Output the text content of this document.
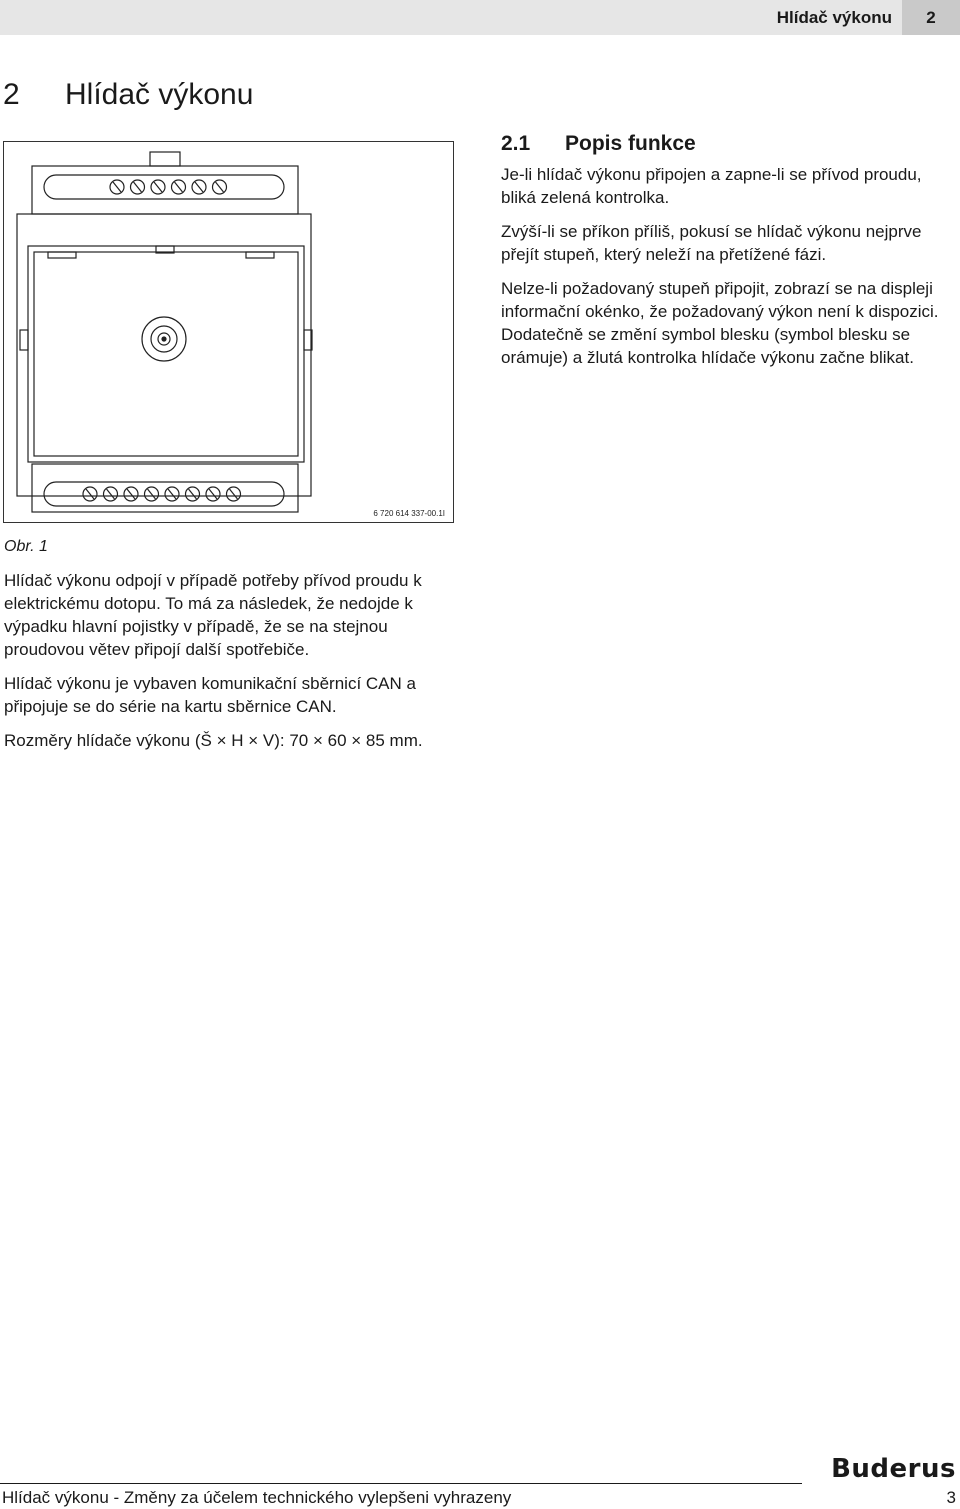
Hlídač výkonu	2
2 Hlídač výkonu
6 720 614 337-00.1I
Obr. 1

Hlídač výkonu odpojí v případě potřeby přívod proudu k elektrickému dotopu. To má za následek, že nedojde k výpadku hlavní pojistky v případě, že se na stejnou proudovou větev připojí další spotřebiče.

Hlídač výkonu je vybaven komunikační sběrnicí CAN a připojuje se do série na kartu sběrnice CAN.

Rozměry hlídače výkonu (Š × H × V): 70 × 60 × 85 mm.

2.1 Popis funkce

Je-li hlídač výkonu připojen a zapne-li se přívod proudu, bliká zelená kontrolka.

Zvýší-li se příkon příliš, pokusí se hlídač výkonu nejprve přejít stupeň, který neleží na přetížené fázi.

Nelze-li požadovaný stupeň připojit, zobrazí se na displeji informační okénko, že požadovaný výkon není k dispozici. Dodatečně se změní symbol blesku (symbol blesku se orámuje) a žlutá kontrolka hlídače výkonu začne blikat.

Buderus
Hlídač výkonu - Změny za účelem technického vylepšeni vyhrazeny	3
